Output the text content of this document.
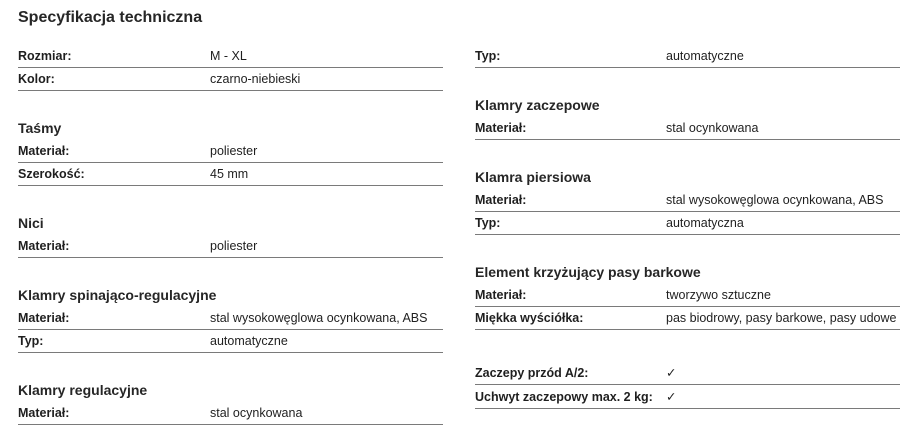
Specyfikacja techniczna
Rozmiar:	M - XL
Kolor:	czarno-niebieski
Taśmy
Materiał:	poliester
Szerokość:	45 mm
Nici
Materiał:	poliester
Klamry spinająco-regulacyjne
Materiał:	stal wysokowęglowa ocynkowana, ABS
Typ:	automatyczne
Klamry regulacyjne
Materiał:	stal ocynkowana
Typ:	automatyczne
Klamry zaczepowe
Materiał:	stal ocynkowana
Klamra piersiowa
Materiał:	stal wysokowęglowa ocynkowana, ABS
Typ:	automatyczna
Element krzyżujący pasy barkowe
Materiał:	tworzywo sztuczne
Miękka wyściółka:	pas biodrowy, pasy barkowe, pasy udowe
Zaczepy przód A/2:	✓
Uchwyt zaczepowy max. 2 kg: ✓
